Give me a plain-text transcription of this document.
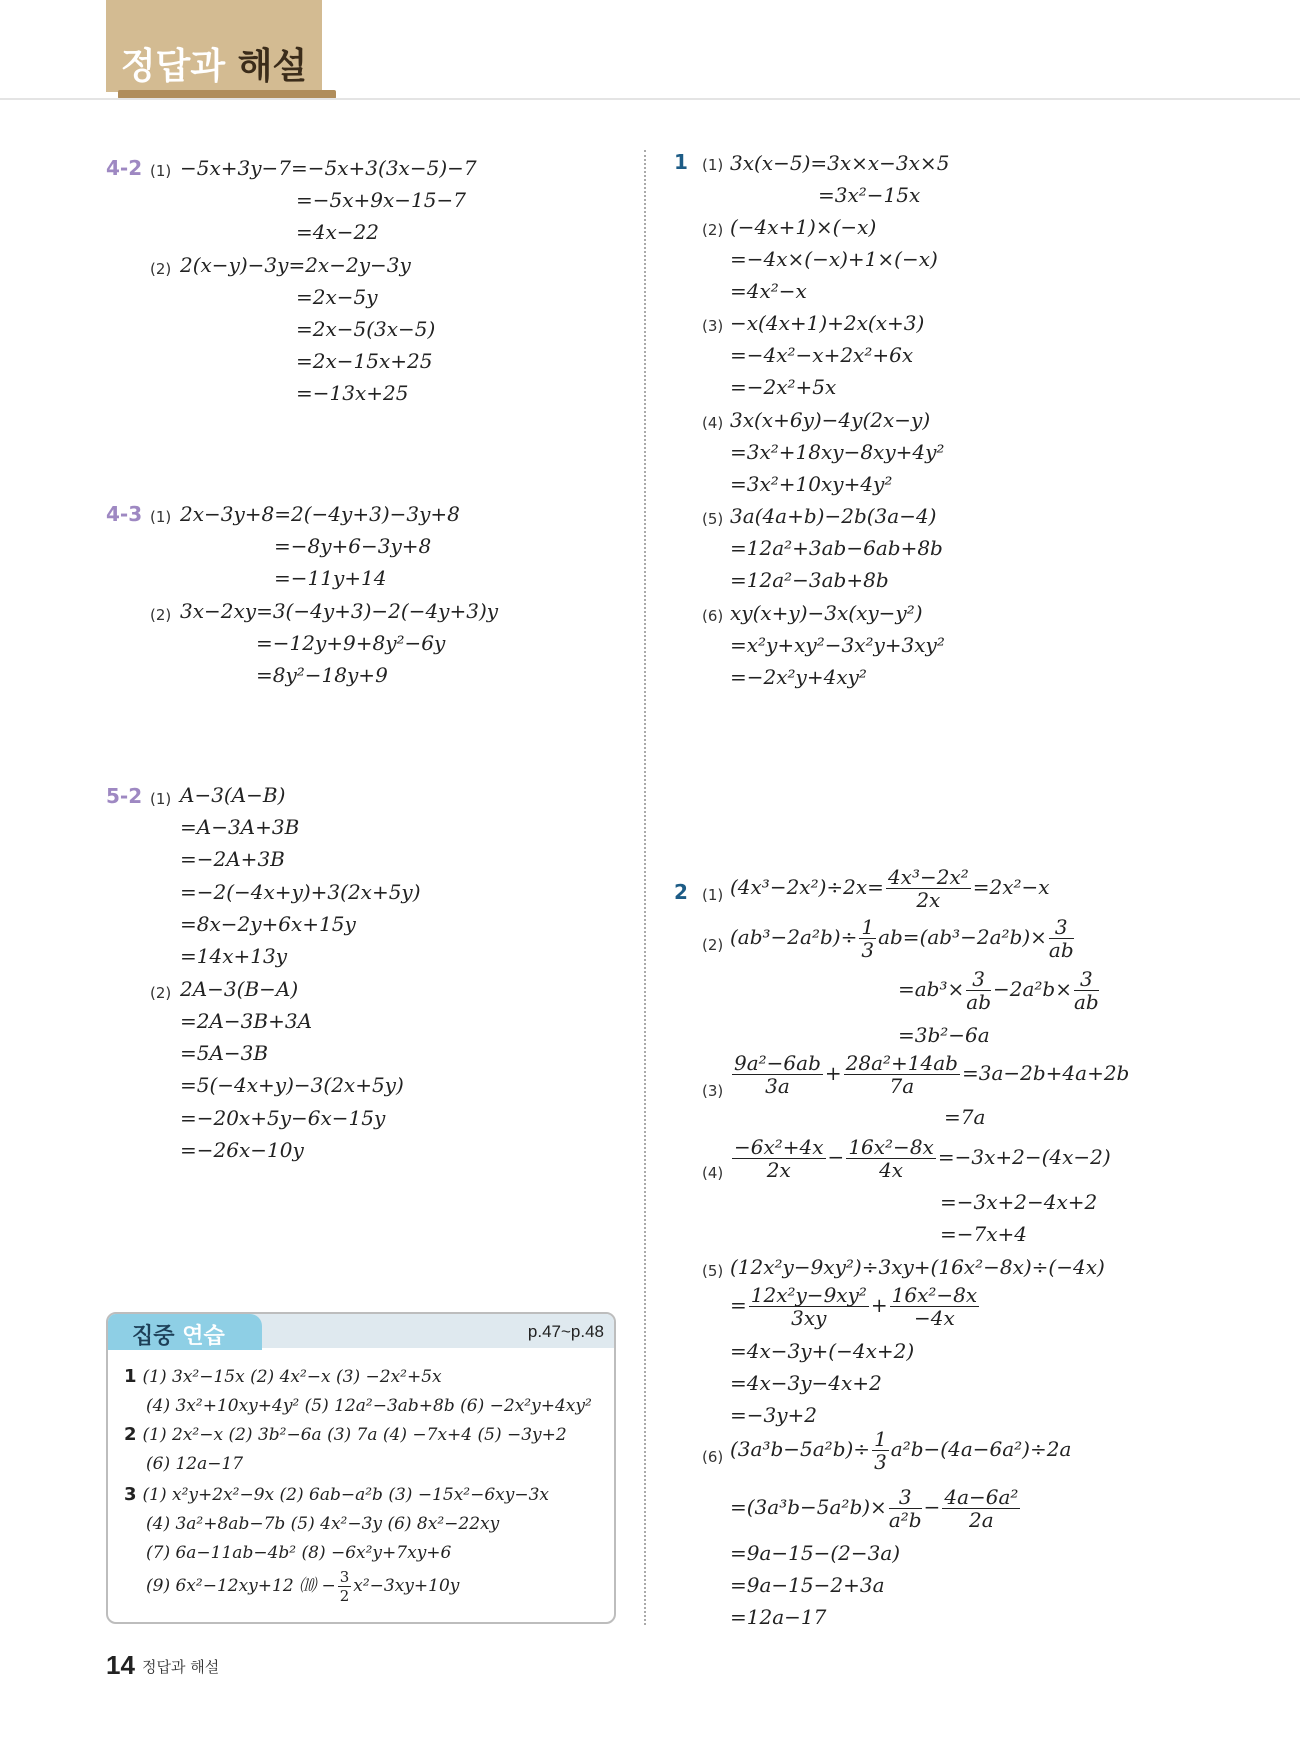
정답과 해설
4-2 (1) −5x+3y−7=−5x+3(3x−5)−7
=−5x+9x−15−7
=4x−22
(2) 2(x−y)−3y=2x−2y−3y
=2x−5y
=2x−5(3x−5)
=2x−15x+25
=−13x+25
4-3 (1) 2x−3y+8=2(−4y+3)−3y+8
=−8y+6−3y+8
=−11y+14
(2) 3x−2xy=3(−4y+3)−2(−4y+3)y
=−12y+9+8y²−6y
=8y²−18y+9
5-2 (1) A−3(A−B)
=A−3A+3B
=−2A+3B
=−2(−4x+y)+3(2x+5y)
=8x−2y+6x+15y
=14x+13y
(2) 2A−3(B−A)
=2A−3B+3A
=5A−3B
=5(−4x+y)−3(2x+5y)
=−20x+5y−6x−15y
=−26x−10y
1 (1) 3x(x−5)=3x×x−3x×5
=3x²−15x
(2) (−4x+1)×(−x)
=−4x×(−x)+1×(−x)
=4x²−x
(3) −x(4x+1)+2x(x+3)
=−4x²−x+2x²+6x
=−2x²+5x
(4) 3x(x+6y)−4y(2x−y)
=3x²+18xy−8xy+4y²
=3x²+10xy+4y²
(5) 3a(4a+b)−2b(3a−4)
=12a²+3ab−6ab+8b
=12a²−3ab+8b
(6) xy(x+y)−3x(xy−y²)
=x²y+xy²−3x²y+3xy²
=−2x²y+4xy²
2 (1) $(4x^3-2x^2)\div 2x= \frac{\text{4x³−2x²}}{2x} =2x^2-x$
(2) $(ab^3-2a^2b)\div \frac{1}{3} ab=(ab^3-2a^2b)\times \frac{3}{ab}$
$=ab^3\times \frac{3}{ab} -2a^2b\times \frac{3}{ab}$
=3b²−6a
$(3) \frac{\text{9a²−6ab}}{3a} + \frac{\text{28a²+14ab}}{7a} =3a-2b+4a+2b$
=7a
$(4) \frac{\text{−6x²+4x}}{2x} - \frac{\text{16x²−8x}}{4x} =-3x+2-(4x-2)$
=−3x+2−4x+2
=−7x+4
(5) (12x²y−9xy²)÷3xy+(16x²−8x)÷(−4x)
= $\frac{\text{12x²y−9xy²}}{3xy} + \frac{\text{16x²−8x}}{-4x}$
=4x−3y+(−4x+2)
=4x−3y−4x+2
=−3y+2
(6) $(3a^3b-5a^2b)\div \frac{1}{3} a^2b-(4a-6a^2)\div 2a$
$=(3a^3b-5a^2b)\times \frac{3}{\text{a²b}} - \frac{\text{4a−6a²}}{2a}$
=9a−15−(2−3a)
=9a−15−2+3a
=12a−17
집중 연습	p.47~p.48
1 (1) 3x²−15x (2) 4x²−x (3) −2x²+5x
(4) 3x²+10xy+4y² (5) 12a²−3ab+8b (6) −2x²y+4xy²
2 (1) 2x²−x (2) 3b²−6a (3) 7a (4) −7x+4 (5) −3y+2
(6) 12a−17
3 (1) x²y+2x²−9x (2) 6ab−a²b (3) −15x²−6xy−3x
(4) 3a²+8ab−7b (5) 4x²−3y (6) 8x²−22xy
(7) 6a−11ab−4b² (8) −6x²y+7xy+6
(9) 6x²−12xy+12 ⑽ − $\frac{3}{2} x^2-3xy+10y$
14 정답과 해설
